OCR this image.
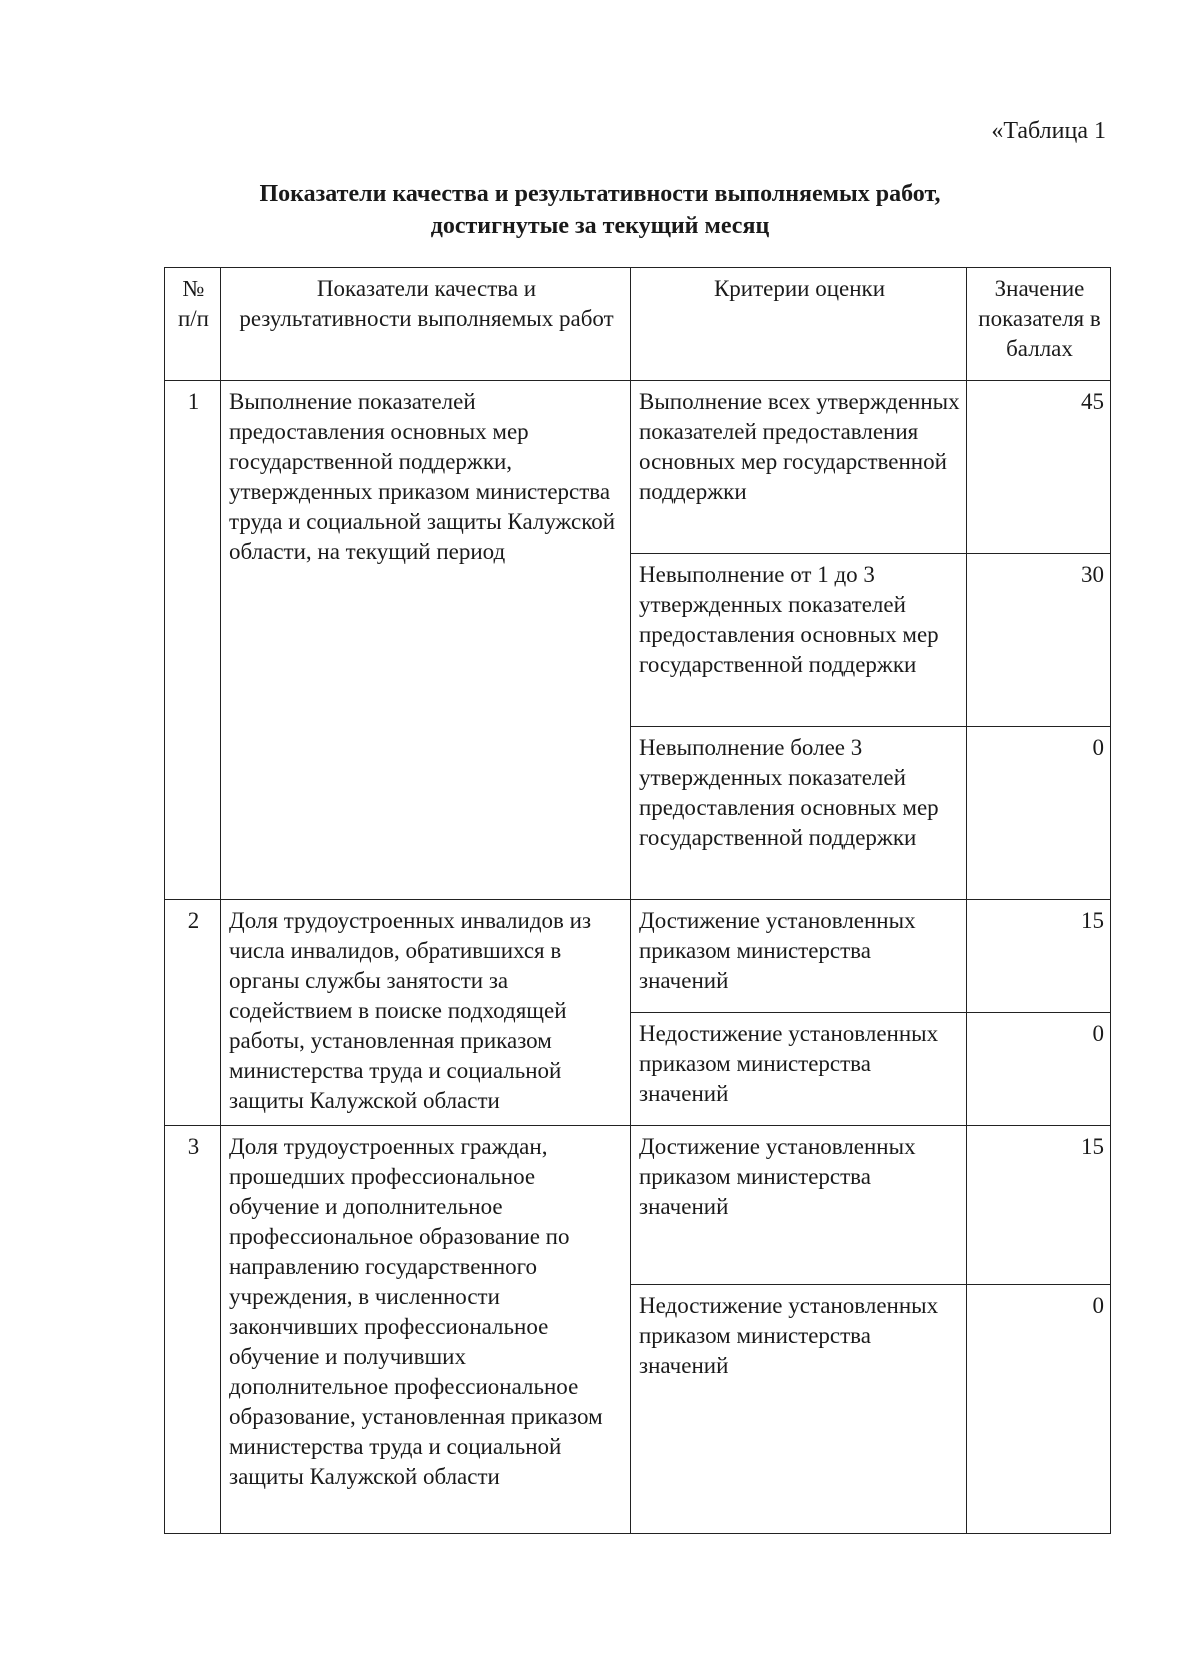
«Таблица 1
Показатели качества и результативности выполняемых работ,
достигнутые за текущий месяц
№ п/п	Показатели качества и результативности выполняемых работ	Критерии оценки	Значение показателя в баллах
1	Выполнение показателей предоставления основных мер государственной поддержки, утвержденных приказом министерства труда и социальной защиты Калужской области, на текущий период	Выполнение всех утвержденных показателей предоставления основных мер государственной поддержки	45
		Невыполнение от 1 до 3 утвержденных показателей предоставления основных мер государственной поддержки	30
		Невыполнение более 3 утвержденных показателей предоставления основных мер государственной поддержки	0
2	Доля трудоустроенных инвалидов из числа инвалидов, обратившихся в органы службы занятости за содействием в поиске подходящей работы, установленная приказом министерства труда и социальной защиты Калужской области	Достижение установленных приказом министерства значений	15
		Недостижение установленных приказом министерства значений	0
3	Доля трудоустроенных граждан, прошедших профессиональное обучение и дополнительное профессиональное образование по направлению государственного учреждения, в численности закончивших профессиональное обучение и получивших дополнительное профессиональное образование, установленная приказом министерства труда и социальной защиты Калужской области	Достижение установленных приказом министерства значений	15
		Недостижение установленных приказом министерства значений	0
